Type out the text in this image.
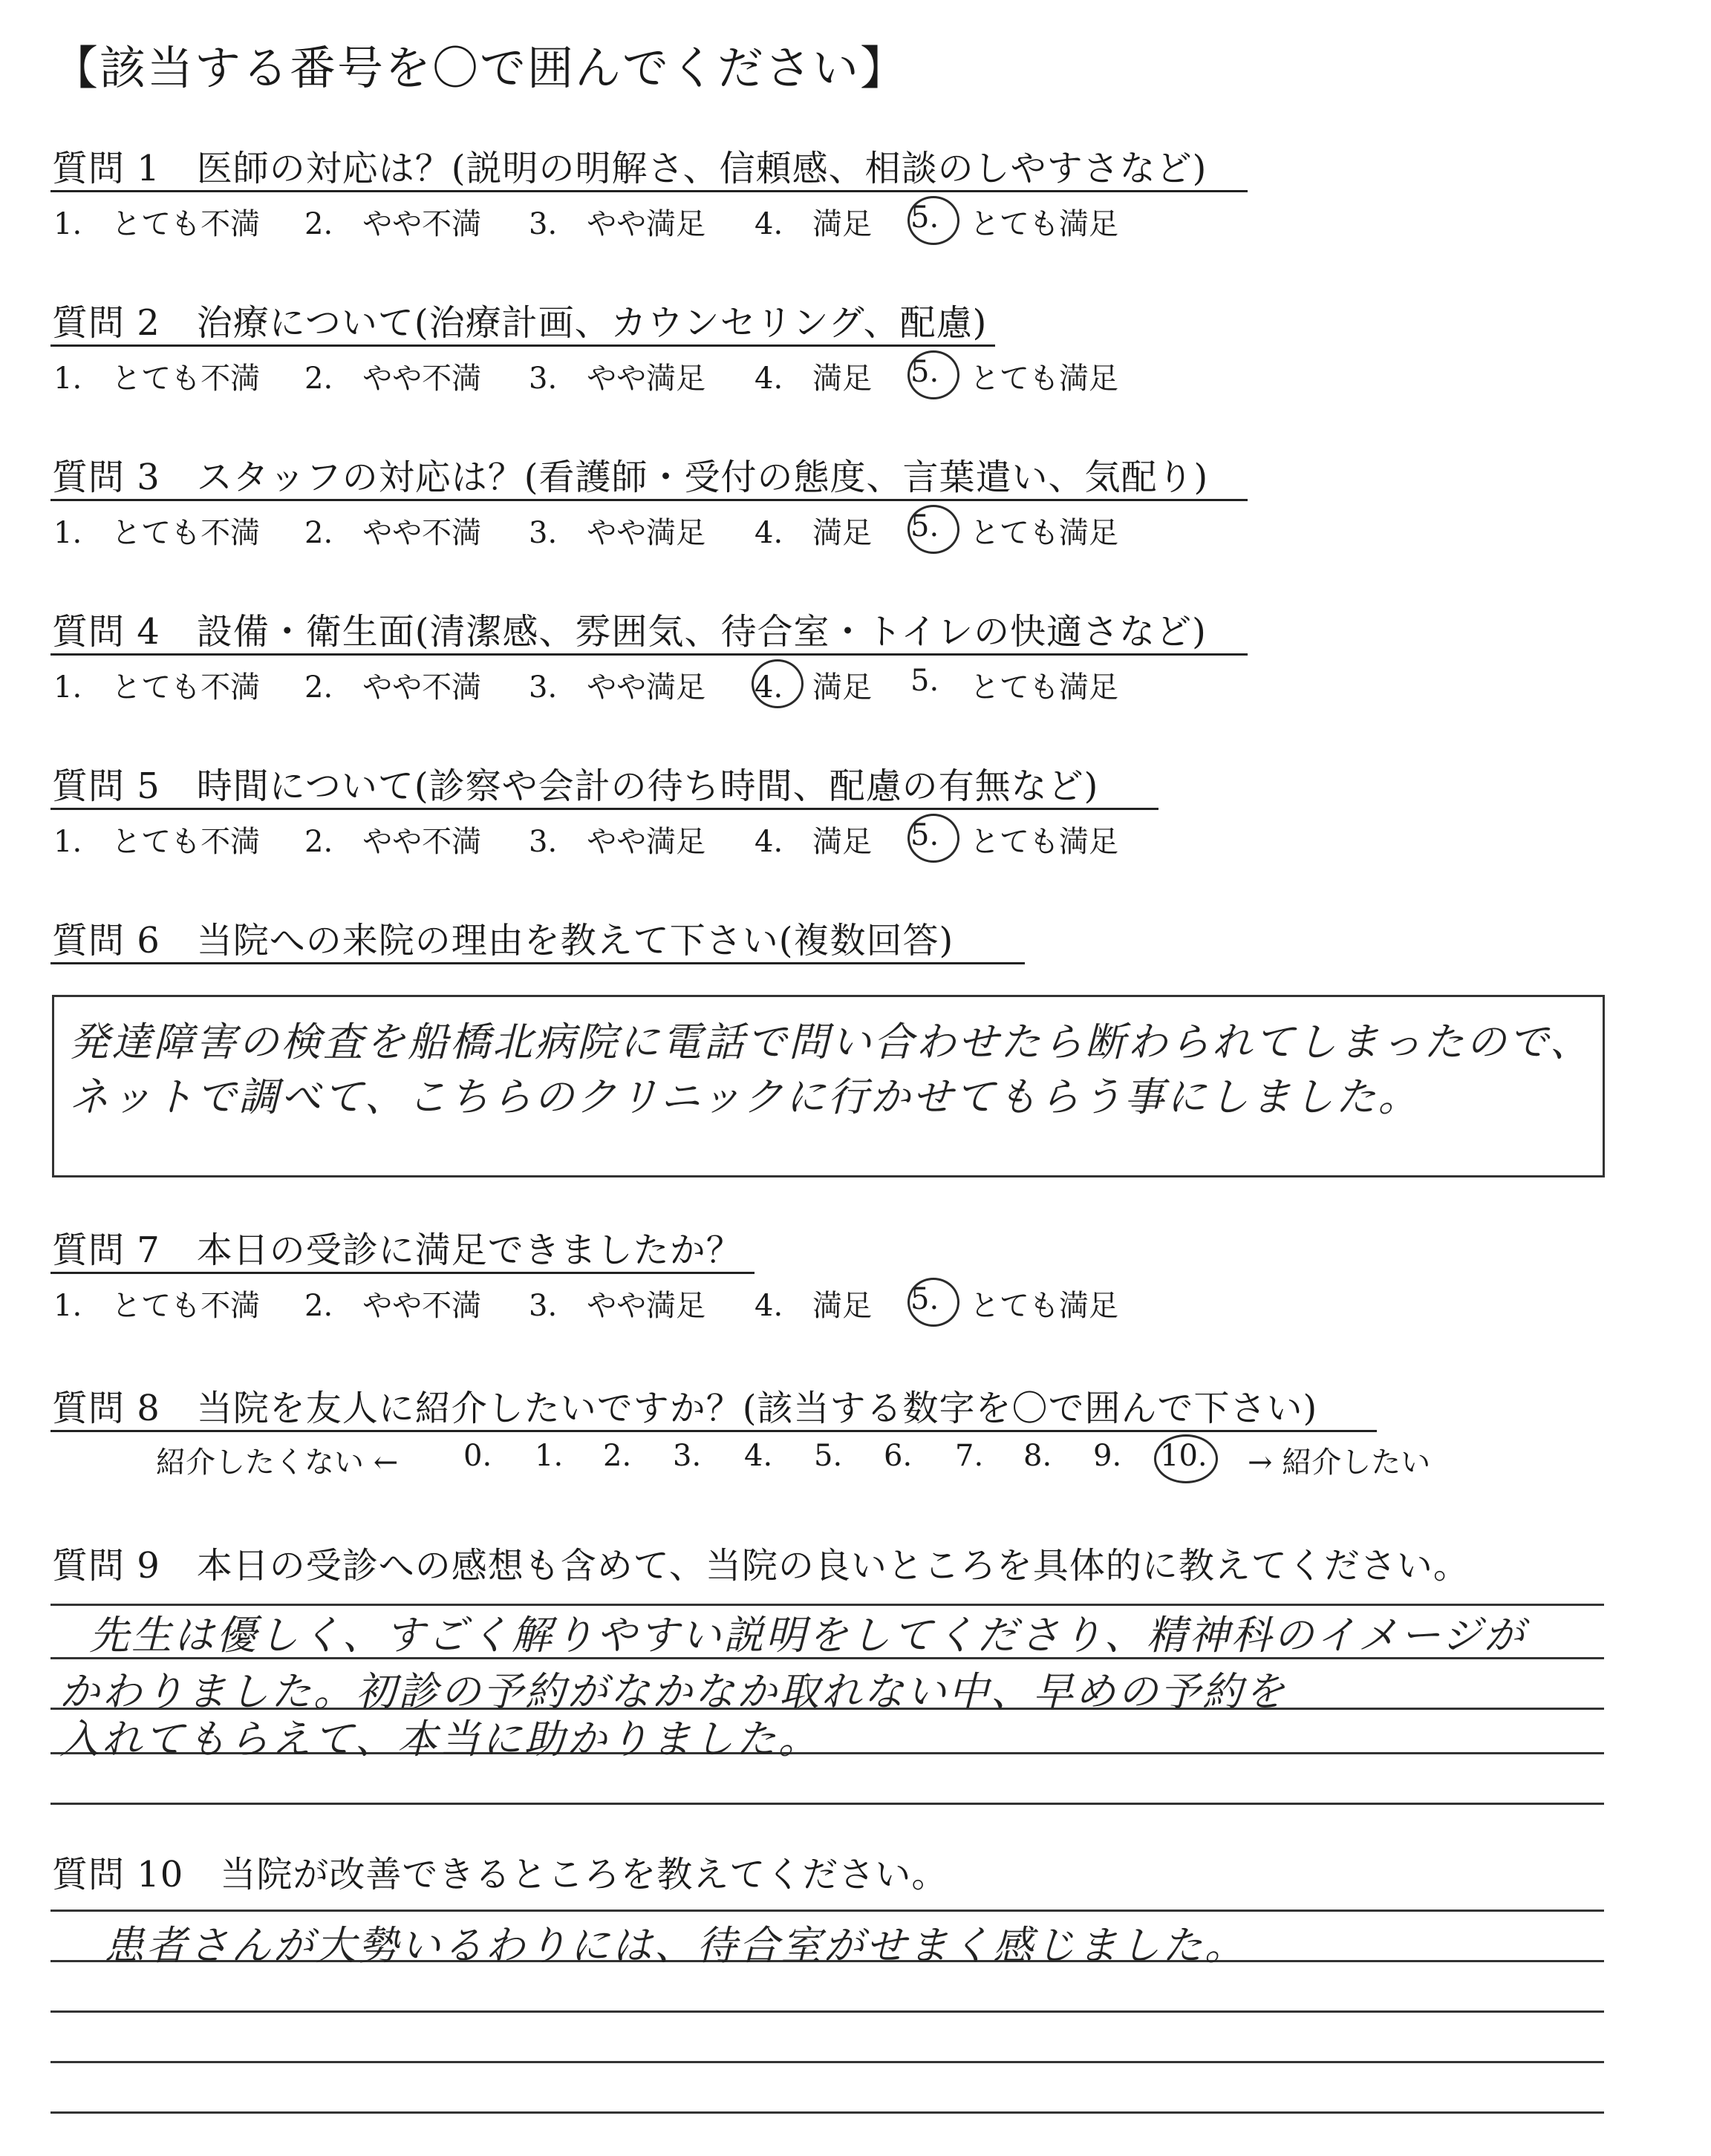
【該当する番号を〇で囲んでください】
質問 1　医師の対応は？(説明の明解さ、信頼感、相談のしやすさなど)
1.　とても不満 2.　やや不満 3.　やや満足 4.　満足 5. とても満足
質問 2　治療について(治療計画、カウンセリング、配慮)
1.　とても不満 2.　やや不満 3.　やや満足 4.　満足 5. とても満足
質問 3　スタッフの対応は？(看護師・受付の態度、言葉遣い、気配り)
1.　とても不満 2.　やや不満 3.　やや満足 4.　満足 5. とても満足
質問 4　設備・衛生面(清潔感、雰囲気、待合室・トイレの快適さなど)
1.　とても不満 2.　やや不満 3.　やや満足 4.　満足 5. とても満足
質問 5　時間について(診察や会計の待ち時間、配慮の有無など)
1.　とても不満 2.　やや不満 3.　やや満足 4.　満足 5. とても満足
質問 6　当院への来院の理由を教えて下さい(複数回答)
発達障害の検査を船橋北病院に電話で問い合わせたら断わられてしまったので、
ネットで調べて、こちらのクリニックに行かせてもらう事にしました。
質問 7　本日の受診に満足できましたか？
1.　とても不満 2.　やや不満 3.　やや満足 4.　満足 5. とても満足
質問 8　当院を友人に紹介したいですか？(該当する数字を〇で囲んで下さい)
紹介したくない ← 0. 1. 2. 3. 4. 5. 6. 7. 8. 9. 10. → 紹介したい
質問 9　本日の受診への感想も含めて、当院の良いところを具体的に教えてください。
先生は優しく、すごく解りやすい説明をしてくださり、精神科のイメージが
かわりました。初診の予約がなかなか取れない中、早めの予約を
入れてもらえて、本当に助かりました。
質問 10　当院が改善できるところを教えてください。
患者さんが大勢いるわりには、待合室がせまく感じました。
